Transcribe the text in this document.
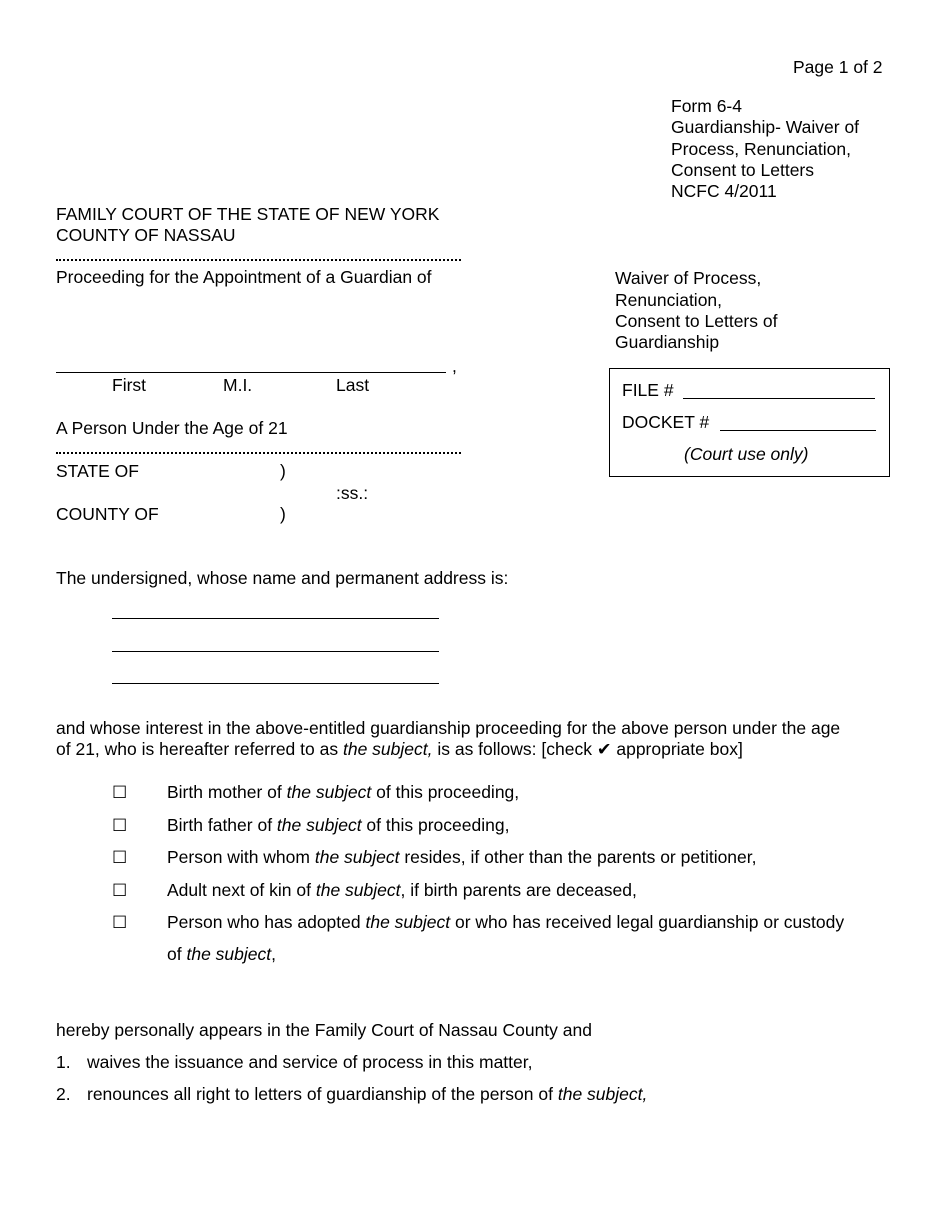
Page 1 of 2
Form 6-4
Guardianship- Waiver of
Process, Renunciation,
Consent to Letters
NCFC 4/2011
FAMILY COURT OF THE STATE OF NEW YORK
COUNTY OF NASSAU
Proceeding for the Appointment of a Guardian of
,
First	M.I.	Last
A Person Under the Age of 21
Waiver of Process,
Renunciation,
Consent to Letters of
Guardianship
FILE #
DOCKET #
(Court use only)
STATE OF	)
:ss.:
COUNTY OF	)
The undersigned, whose name and permanent address is:
and whose interest in the above-entitled guardianship proceeding for the above person under the age
of 21, who is hereafter referred to as the subject, is as follows: [check ✔ appropriate box]
☐ Birth mother of the subject of this proceeding,
☐ Birth father of the subject of this proceeding,
☐ Person with whom the subject resides, if other than the parents or petitioner,
☐ Adult next of kin of the subject, if birth parents are deceased,
☐ Person who has adopted the subject or who has received legal guardianship or custody
of the subject,
hereby personally appears in the Family Court of Nassau County and
1. waives the issuance and service of process in this matter,
2. renounces all right to letters of guardianship of the person of the subject,
